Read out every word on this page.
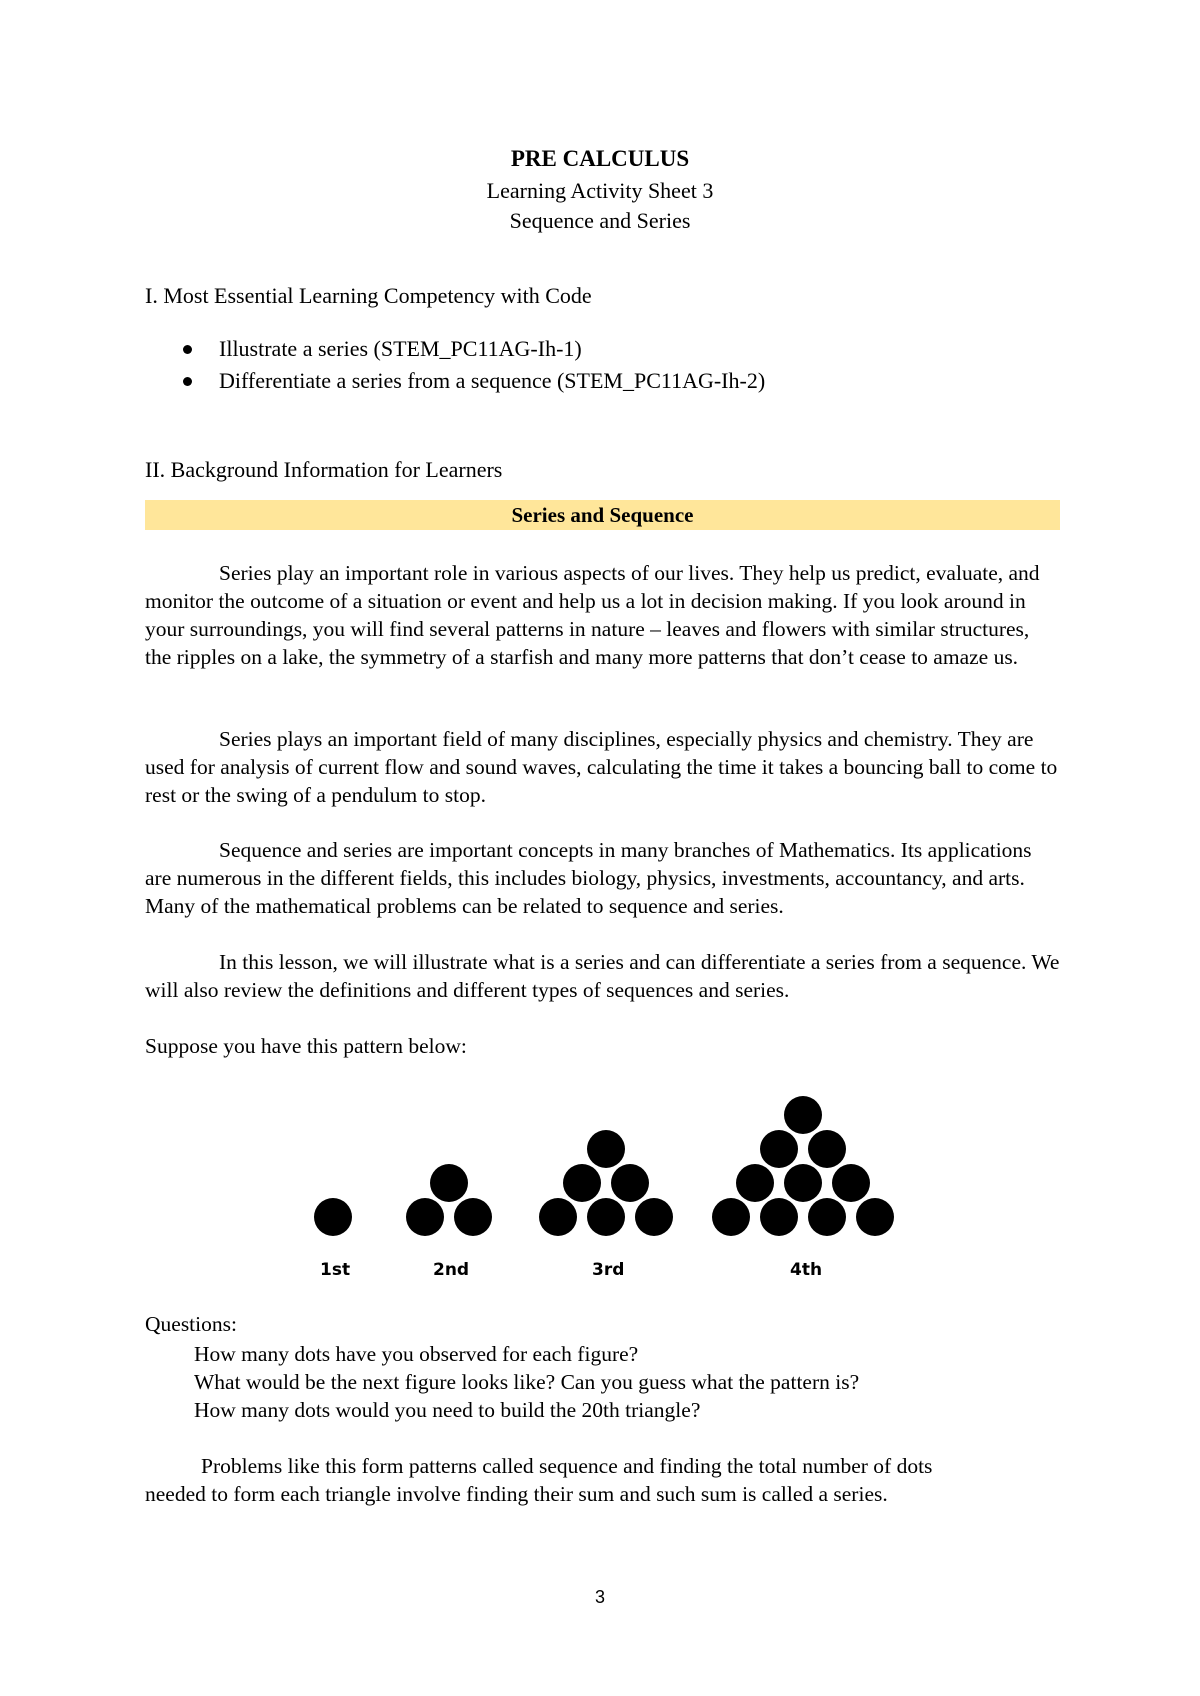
PRE CALCULUS
Learning Activity Sheet 3
Sequence and Series
I. Most Essential Learning Competency with Code
Illustrate a series (STEM_PC11AG-Ih-1)
Differentiate a series from a sequence (STEM_PC11AG-Ih-2)
II. Background Information for Learners
Series and Sequence

Series play an important role in various aspects of our lives. They help us predict, evaluate, and monitor the outcome of a situation or event and help us a lot in decision making. If you look around in your surroundings, you will find several patterns in nature – leaves and flowers with similar structures, the ripples on a lake, the symmetry of a starfish and many more patterns that don’t cease to amaze us.

Series plays an important field of many disciplines, especially physics and chemistry. They are used for analysis of current flow and sound waves, calculating the time it takes a bouncing ball to come to rest or the swing of a pendulum to stop.

Sequence and series are important concepts in many branches of Mathematics. Its applications are numerous in the different fields, this includes biology, physics, investments, accountancy, and arts. Many of the mathematical problems can be related to sequence and series.

In this lesson, we will illustrate what is a series and can differentiate a series from a sequence. We will also review the definitions and different types of sequences and series.

Suppose you have this pattern below:

1st	2nd	3rd	4th
Questions:
How many dots have you observed for each figure?
What would be the next figure looks like? Can you guess what the pattern is?
How many dots would you need to build the 20th triangle?

Problems like this form patterns called sequence and finding the total number of dots needed to form each triangle involve finding their sum and such sum is called a series.

3
